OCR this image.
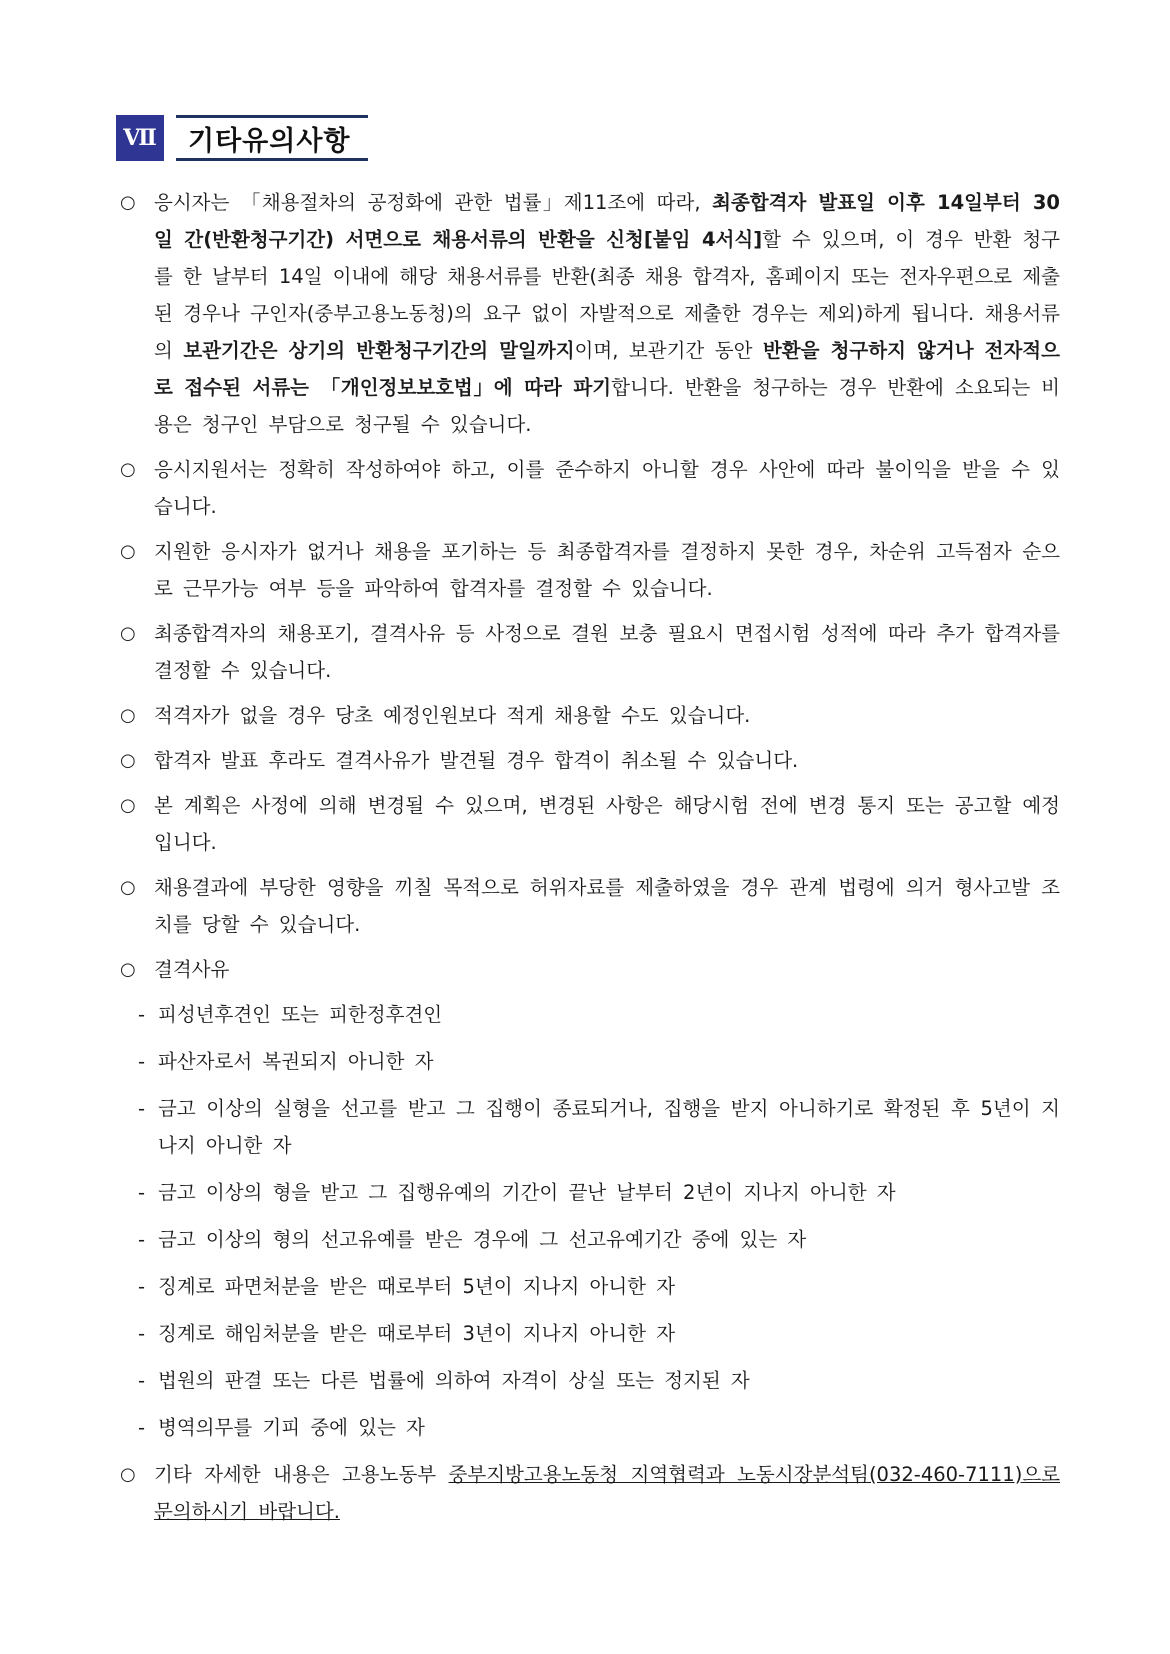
Ⅶ 기타유의사항
○ 응시자는 「채용절차의 공정화에 관한 법률」제11조에 따라, 최종합격자 발표일 이후 14일부터 30일 간(반환청구기간) 서면으로 채용서류의 반환을 신청[붙임 4서식]할 수 있으며, 이 경우 반환 청구를 한 날부터 14일 이내에 해당 채용서류를 반환(최종 채용 합격자, 홈페이지 또는 전자우편으로 제출된 경우나 구인자(중부고용노동청)의 요구 없이 자발적으로 제출한 경우는 제외)하게 됩니다. 채용서류의 보관기간은 상기의 반환청구기간의 말일까지이며, 보관기간 동안 반환을 청구하지 않거나 전자적으로 접수된 서류는 「개인정보보호법」에 따라 파기합니다. 반환을 청구하는 경우 반환에 소요되는 비용은 청구인 부담으로 청구될 수 있습니다.
○ 응시지원서는 정확히 작성하여야 하고, 이를 준수하지 아니할 경우 사안에 따라 불이익을 받을 수 있습니다.
○ 지원한 응시자가 없거나 채용을 포기하는 등 최종합격자를 결정하지 못한 경우, 차순위 고득점자 순으로 근무가능 여부 등을 파악하여 합격자를 결정할 수 있습니다.
○ 최종합격자의 채용포기, 결격사유 등 사정으로 결원 보충 필요시 면접시험 성적에 따라 추가 합격자를 결정할 수 있습니다.
○ 적격자가 없을 경우 당초 예정인원보다 적게 채용할 수도 있습니다.
○ 합격자 발표 후라도 결격사유가 발견될 경우 합격이 취소될 수 있습니다.
○ 본 계획은 사정에 의해 변경될 수 있으며, 변경된 사항은 해당시험 전에 변경 통지 또는 공고할 예정입니다.
○ 채용결과에 부당한 영향을 끼칠 목적으로 허위자료를 제출하였을 경우 관계 법령에 의거 형사고발 조치를 당할 수 있습니다.
○ 결격사유
- 피성년후견인 또는 피한정후견인
- 파산자로서 복권되지 아니한 자
- 금고 이상의 실형을 선고를 받고 그 집행이 종료되거나, 집행을 받지 아니하기로 확정된 후 5년이 지나지 아니한 자
- 금고 이상의 형을 받고 그 집행유예의 기간이 끝난 날부터 2년이 지나지 아니한 자
- 금고 이상의 형의 선고유예를 받은 경우에 그 선고유예기간 중에 있는 자
- 징계로 파면처분을 받은 때로부터 5년이 지나지 아니한 자
- 징계로 해임처분을 받은 때로부터 3년이 지나지 아니한 자
- 법원의 판결 또는 다른 법률에 의하여 자격이 상실 또는 정지된 자
- 병역의무를 기피 중에 있는 자
○ 기타 자세한 내용은 고용노동부 중부지방고용노동청 지역협력과 노동시장분석팀(032-460-7111)으로 문의하시기 바랍니다.
